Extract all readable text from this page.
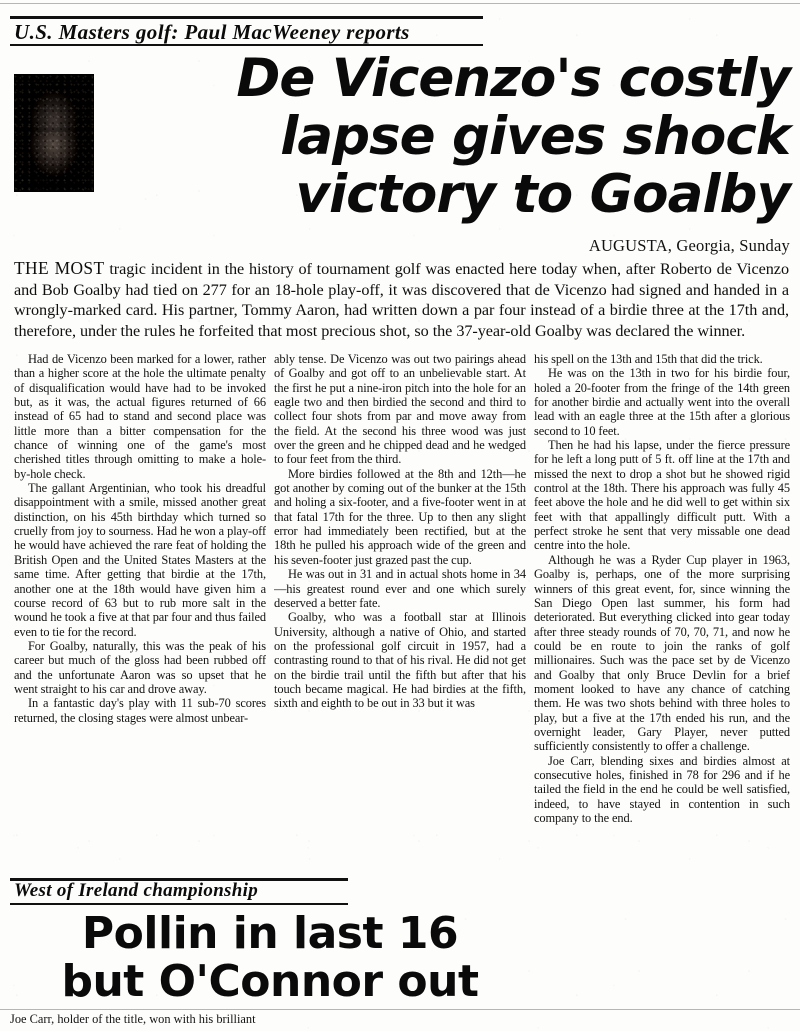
U.S. Masters golf: Paul MacWeeney reports
De Vicenzo's costly
lapse gives shock
victory to Goalby
AUGUSTA, Georgia, Sunday
THE MOST tragic incident in the history of tournament golf was enacted here today when, after Roberto de Vicenzo and Bob Goalby had tied on 277 for an 18-hole play-off, it was discovered that de Vicenzo had signed and handed in a wrongly-marked card. His partner, Tommy Aaron, had written down a par four instead of a birdie three at the 17th and, therefore, under the rules he forfeited that most precious shot, so the 37-year-old Goalby was declared the winner.

Had de Vicenzo been marked for a lower, rather than a higher score at the hole the ultimate penalty of disqualification would have had to be invoked but, as it was, the actual figures returned of 66 instead of 65 had to stand and second place was little more than a bitter compensation for the chance of winning one of the game's most cherished titles through omitting to make a hole-by-hole check.

The gallant Argentinian, who took his dreadful disappointment with a smile, missed another great distinction, on his 45th birthday which turned so cruelly from joy to sourness. Had he won a play-off he would have achieved the rare feat of holding the British Open and the United States Masters at the same time. After getting that birdie at the 17th, another one at the 18th would have given him a course record of 63 but to rub more salt in the wound he took a five at that par four and thus failed even to tie for the record.

For Goalby, naturally, this was the peak of his career but much of the gloss had been rubbed off and the unfortunate Aaron was so upset that he went straight to his car and drove away.

In a fantastic day's play with 11 sub-70 scores returned, the closing stages were almost unbear-

ably tense. De Vicenzo was out two pairings ahead of Goalby and got off to an unbelievable start. At the first he put a nine-iron pitch into the hole for an eagle two and then birdied the second and third to collect four shots from par and move away from the field. At the second his three wood was just over the green and he chipped dead and he wedged to four feet from the third.

More birdies followed at the 8th and 12th—he got another by coming out of the bunker at the 15th and holing a six-footer, and a five-footer went in at that fatal 17th for the three. Up to then any slight error had immediately been rectified, but at the 18th he pulled his approach wide of the green and his seven-footer just grazed past the cup.

He was out in 31 and in actual shots home in 34—his greatest round ever and one which surely deserved a better fate.

Goalby, who was a football star at Illinois University, although a native of Ohio, and started on the professional golf circuit in 1957, had a contrasting round to that of his rival. He did not get on the birdie trail until the fifth but after that his touch became magical. He had birdies at the fifth, sixth and eighth to be out in 33 but it was

his spell on the 13th and 15th that did the trick.

He was on the 13th in two for his birdie four, holed a 20-footer from the fringe of the 14th green for another birdie and actually went into the overall lead with an eagle three at the 15th after a glorious second to 10 feet.

Then he had his lapse, under the fierce pressure for he left a long putt of 5 ft. off line at the 17th and missed the next to drop a shot but he showed rigid control at the 18th. There his approach was fully 45 feet above the hole and he did well to get within six feet with that appallingly difficult putt. With a perfect stroke he sent that very missable one dead centre into the hole.

Although he was a Ryder Cup player in 1963, Goalby is, perhaps, one of the more surprising winners of this great event, for, since winning the San Diego Open last summer, his form had deteriorated. But everything clicked into gear today after three steady rounds of 70, 70, 71, and now he could be en route to join the ranks of golf millionaires. Such was the pace set by de Vicenzo and Goalby that only Bruce Devlin for a brief moment looked to have any chance of catching them. He was two shots behind with three holes to play, but a five at the 17th ended his run, and the overnight leader, Gary Player, never putted sufficiently consistently to offer a challenge.

Joe Carr, blending sixes and birdies almost at consecutive holes, finished in 78 for 296 and if he tailed the field in the end he could be well satisfied, indeed, to have stayed in contention in such company to the end.

West of Ireland championship
Pollin in last 16
but O'Connor out
Joe Carr, holder of the title, won with his brilliant
